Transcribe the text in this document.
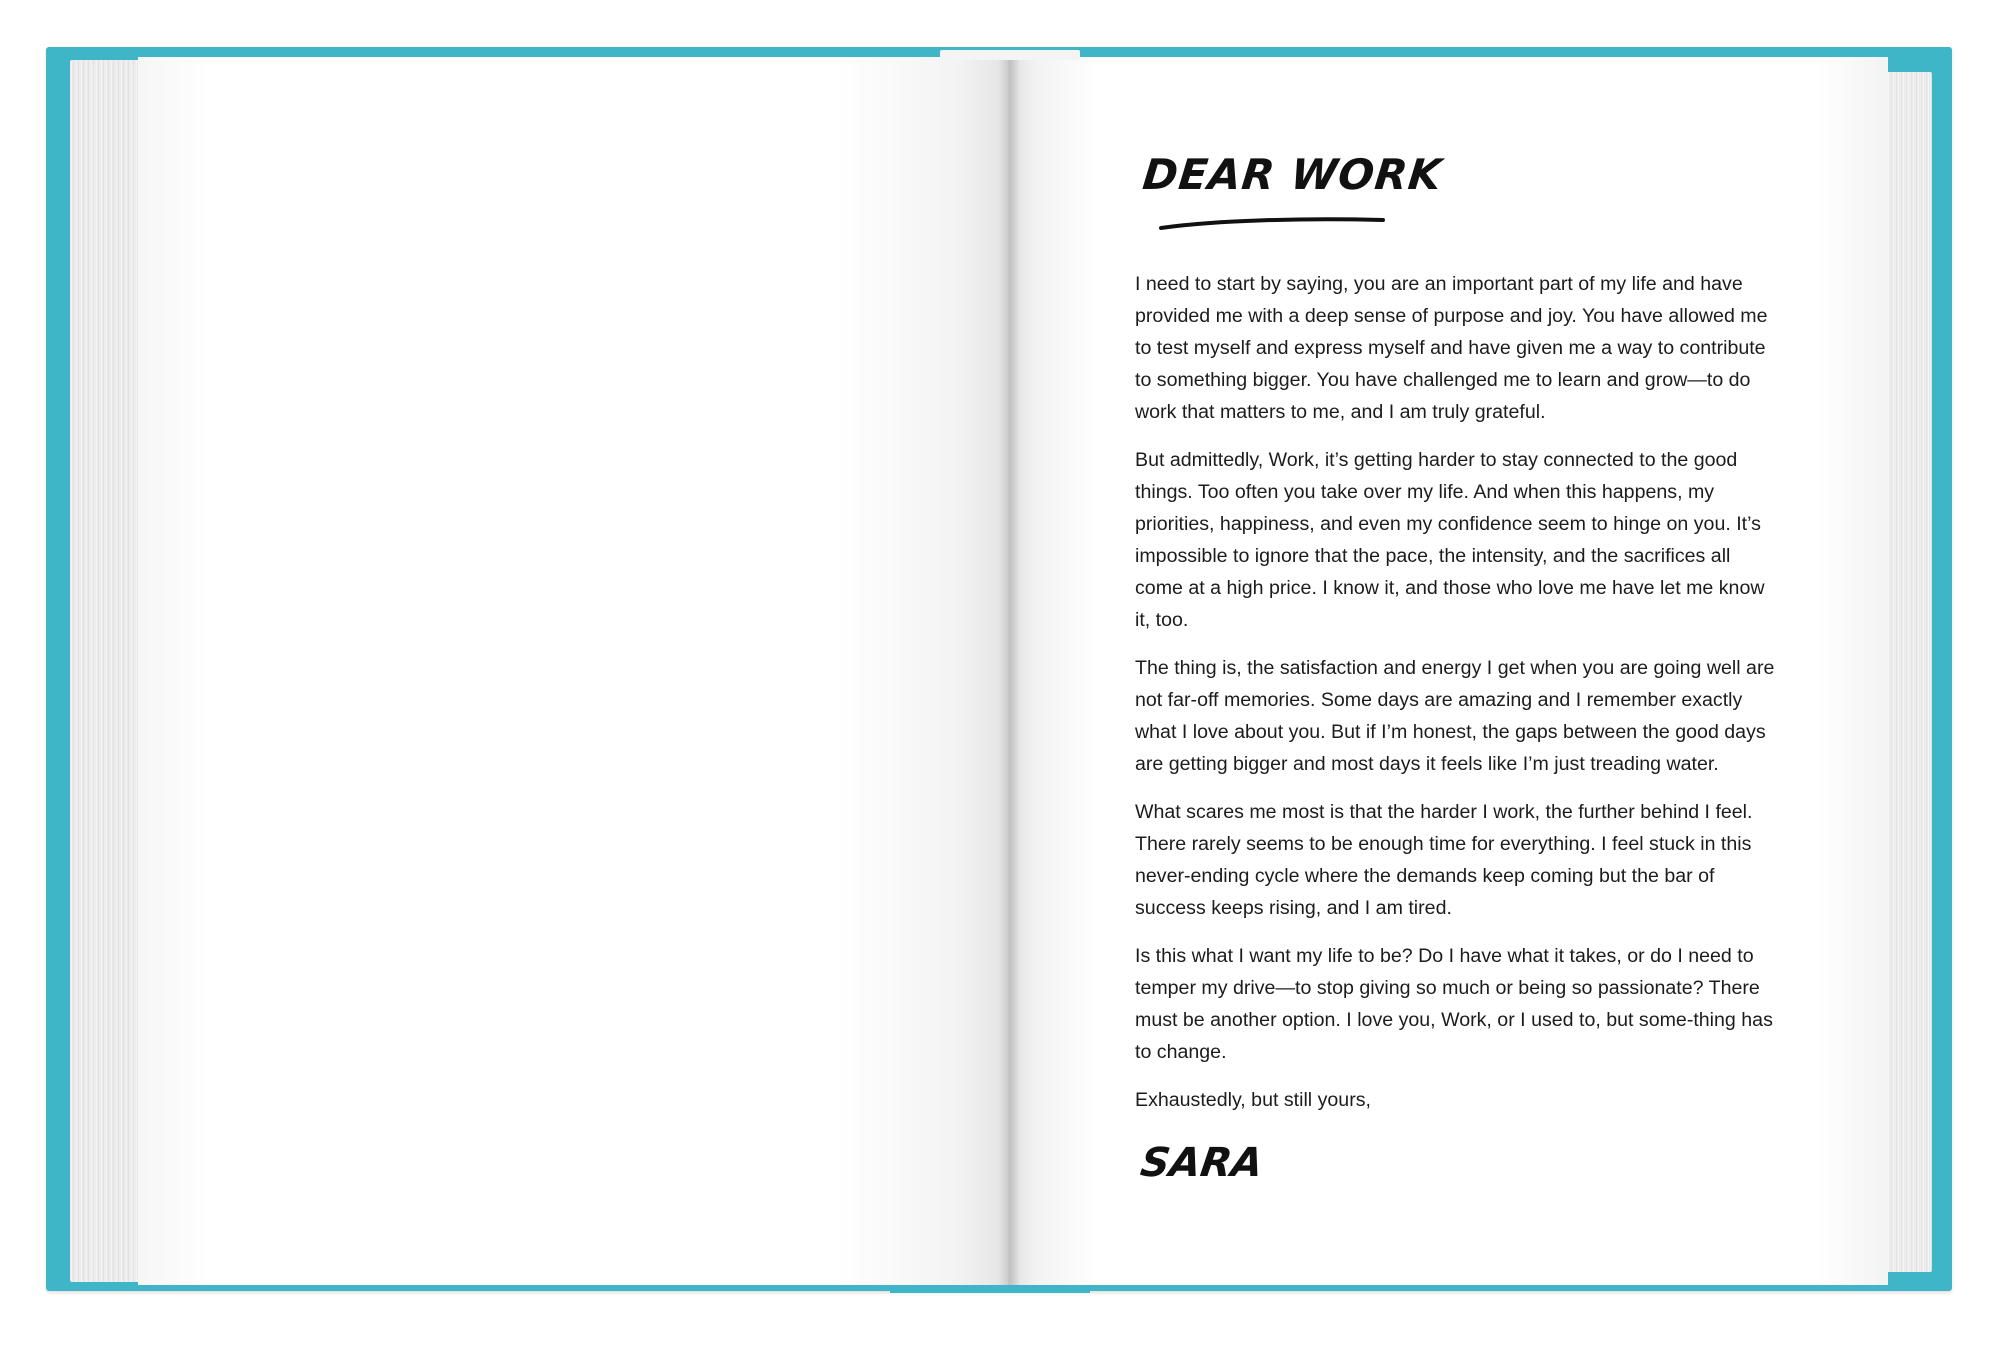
DEAR WORK

I need to start by saying, you are an important part of my life and have provided me with a deep sense of purpose and joy. You have allowed me to test myself and express myself and have given me a way to contribute to something bigger. You have challenged me to learn and grow—to do work that matters to me, and I am truly grateful.

But admittedly, Work, it’s getting harder to stay connected to the good things. Too often you take over my life. And when this happens, my priorities, happiness, and even my confidence seem to hinge on you. It’s impossible to ignore that the pace, the intensity, and the sacrifices all come at a high price. I know it, and those who love me have let me know it, too.

The thing is, the satisfaction and energy I get when you are going well are not far-off memories. Some days are amazing and I remember exactly what I love about you. But if I’m honest, the gaps between the good days are getting bigger and most days it feels like I’m just treading water.

What scares me most is that the harder I work, the further behind I feel. There rarely seems to be enough time for everything. I feel stuck in this never-ending cycle where the demands keep coming but the bar of success keeps rising, and I am tired.

Is this what I want my life to be? Do I have what it takes, or do I need to temper my drive—to stop giving so much or being so passionate? There must be another option. I love you, Work, or I used to, but some-thing has to change.

Exhaustedly, but still yours,

SARA
